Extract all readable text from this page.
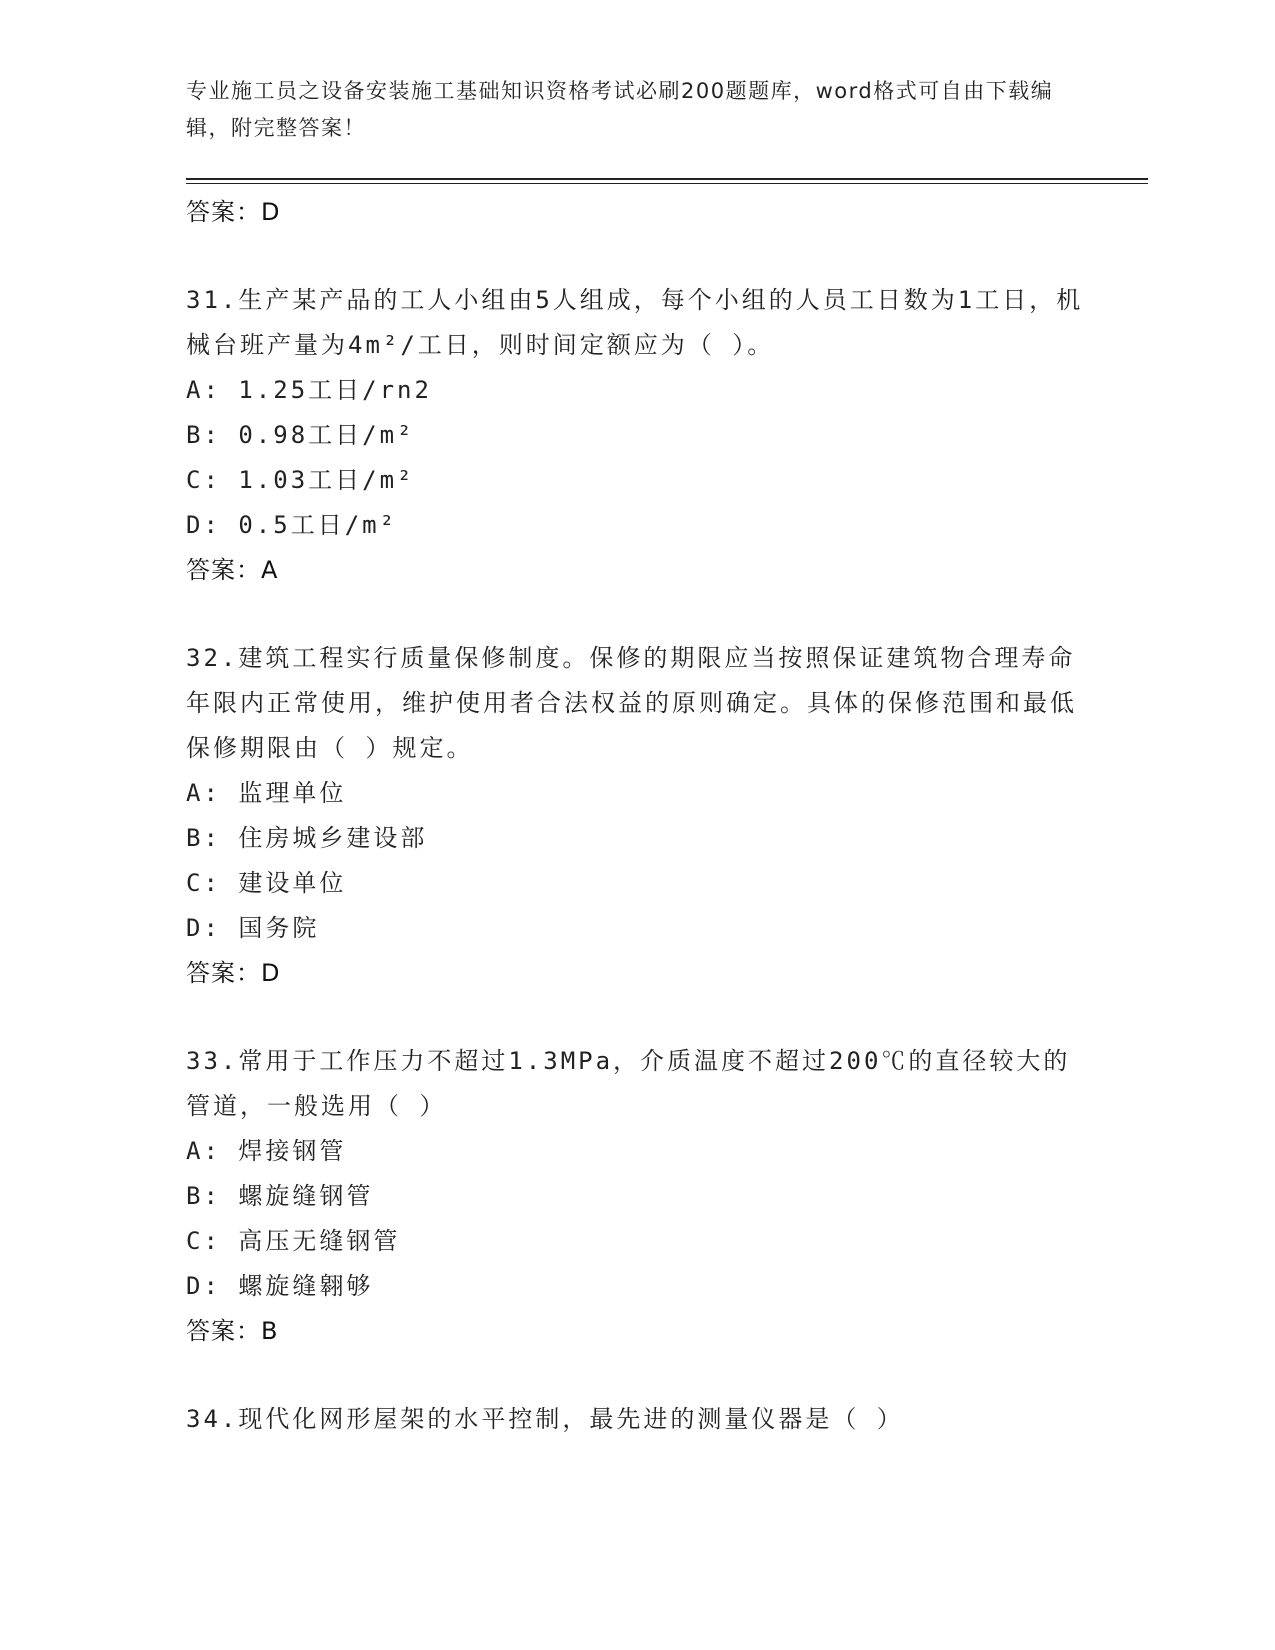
专业施工员之设备安装施工基础知识资格考试必刷200题题库，word格式可自由下载编辑，附完整答案！
答案：D
31.生产某产品的工人小组由5人组成，每个小组的人员工日数为1工日，机械台班产量为4m²/工日，则时间定额应为（ ）。
A: 1.25工日/rn2
B: 0.98工日/m²
C: 1.03工日/m²
D: 0.5工日/m²
答案：A
32.建筑工程实行质量保修制度。保修的期限应当按照保证建筑物合理寿命年限内正常使用，维护使用者合法权益的原则确定。具体的保修范围和最低保修期限由（ ）规定。
A: 监理单位
B: 住房城乡建设部
C: 建设单位
D: 国务院
答案：D
33.常用于工作压力不超过1.3MPa，介质温度不超过200℃的直径较大的管道，一般选用（ ）
A: 焊接钢管
B: 螺旋缝钢管
C: 高压无缝钢管
D: 螺旋缝翱够
答案：B
34.现代化网形屋架的水平控制，最先进的测量仪器是（ ）
